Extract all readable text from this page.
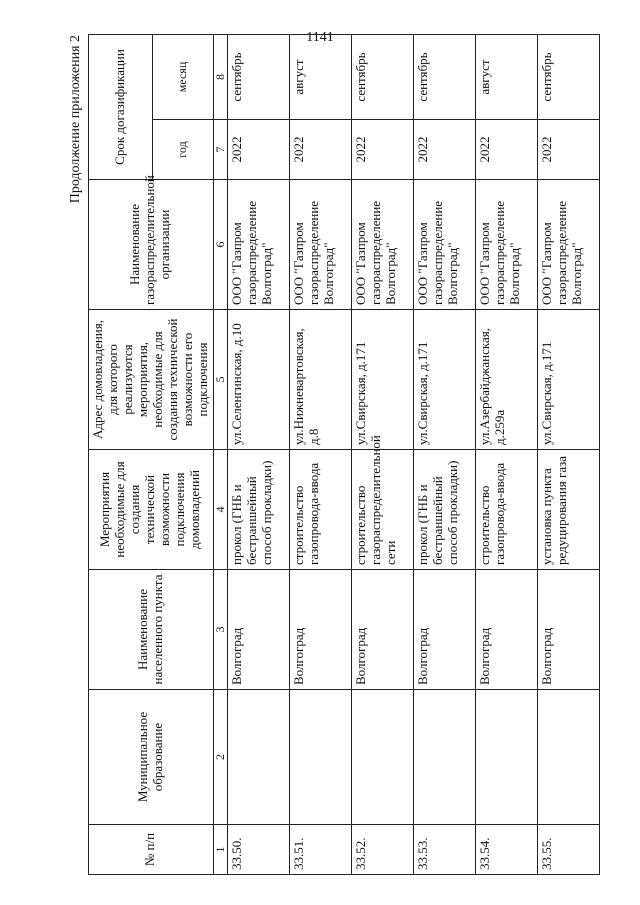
1141
Продолжение приложения 2
№ п/п	Муниципальное образование	Наименование населенного пункта	Мероприятия необходимые для создания технической возможности подключения домовладений	Адрес домовладения, для которого реализуются мероприятия, необходимые для создания технической возможности его подключения	Наименование газораспределительной организации	Срок догазификации	
						год	месяц
1	2	3	4	5	6	7	8
33.50.		Волгоград	прокол (ГНБ и бестраншейный способ прокладки)	ул.Селенгинская, д.10	ООО "Газпром газораспределение Волгоград"	2022	сентябрь
33.51.		Волгоград	строительство газопровода-ввода	ул.Нижневартовская, д.8	ООО "Газпром газораспределение Волгоград"	2022	август
33.52.		Волгоград	строительство газораспределительной сети	ул.Свирская, д.171	ООО "Газпром газораспределение Волгоград"	2022	сентябрь
33.53.		Волгоград	прокол (ГНБ и бестраншейный способ прокладки)	ул.Свирская, д.171	ООО "Газпром газораспределение Волгоград"	2022	сентябрь
33.54.		Волгоград	строительство газопровода-ввода	ул.Азербайджанская, д.259а	ООО "Газпром газораспределение Волгоград"	2022	август
33.55.		Волгоград	установка пункта редуцирования газа	ул.Свирская, д.171	ООО "Газпром газораспределение Волгоград"	2022	сентябрь
